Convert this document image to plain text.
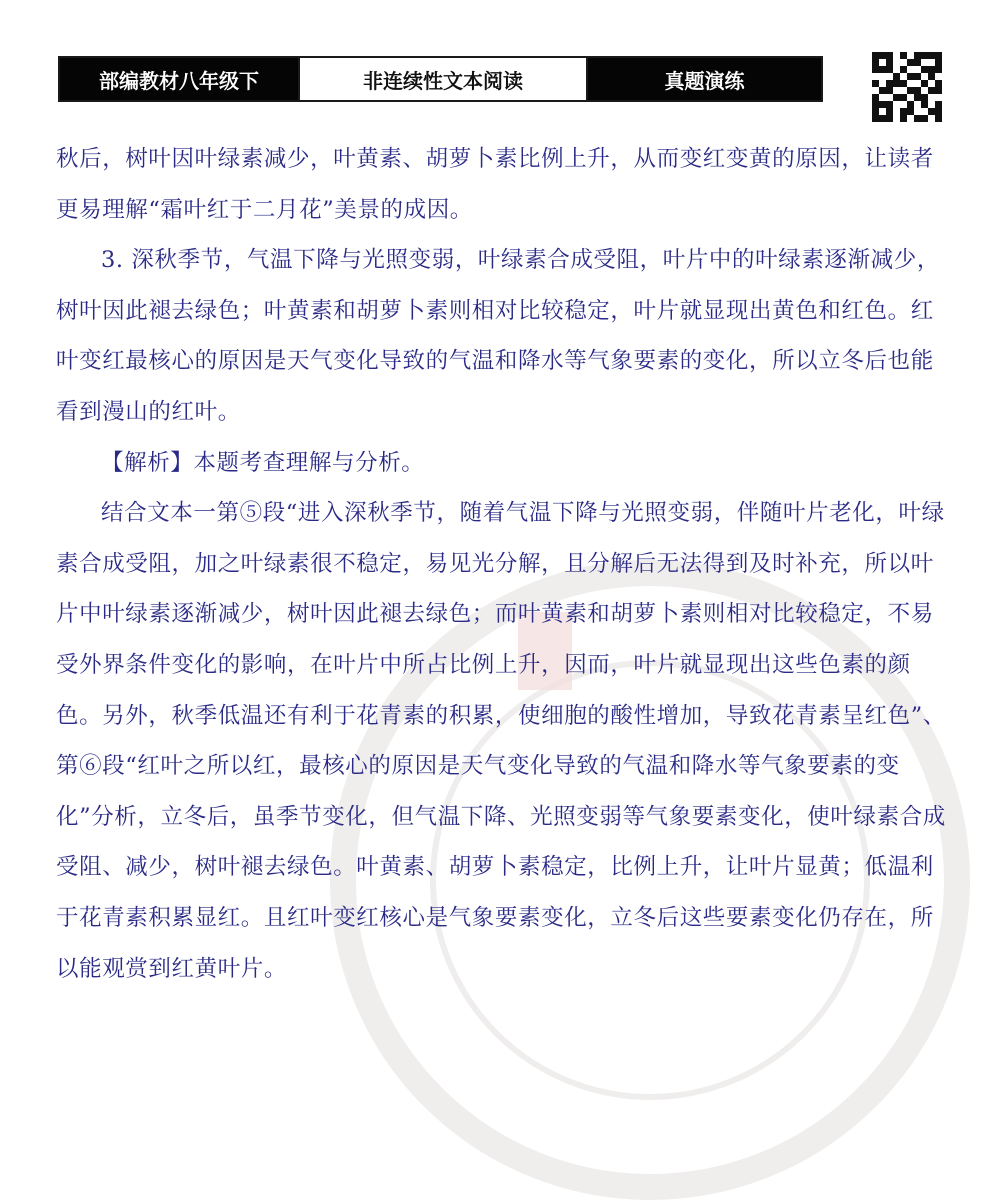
部编教材八年级下	非连续性文本阅读	真题演练

秋后，树叶因叶绿素减少，叶黄素、胡萝卜素比例上升，从而变红变黄的原因，让读者更易理解“霜叶红于二月花”美景的成因。

3. 深秋季节，气温下降与光照变弱，叶绿素合成受阻，叶片中的叶绿素逐渐减少，树叶因此褪去绿色；叶黄素和胡萝卜素则相对比较稳定，叶片就显现出黄色和红色。红叶变红最核心的原因是天气变化导致的气温和降水等气象要素的变化，所以立冬后也能看到漫山的红叶。

【解析】本题考查理解与分析。

结合文本一第⑤段“进入深秋季节，随着气温下降与光照变弱，伴随叶片老化，叶绿素合成受阻，加之叶绿素很不稳定，易见光分解，且分解后无法得到及时补充，所以叶片中叶绿素逐渐减少，树叶因此褪去绿色；而叶黄素和胡萝卜素则相对比较稳定，不易受外界条件变化的影响，在叶片中所占比例上升，因而，叶片就显现出这些色素的颜色。另外，秋季低温还有利于花青素的积累，使细胞的酸性增加，导致花青素呈红色”、第⑥段“红叶之所以红，最核心的原因是天气变化导致的气温和降水等气象要素的变化”分析，立冬后，虽季节变化，但气温下降、光照变弱等气象要素变化，使叶绿素合成受阻、减少，树叶褪去绿色。叶黄素、胡萝卜素稳定，比例上升，让叶片显黄；低温利于花青素积累显红。且红叶变红核心是气象要素变化，立冬后这些要素变化仍存在，所以能观赏到红黄叶片。
